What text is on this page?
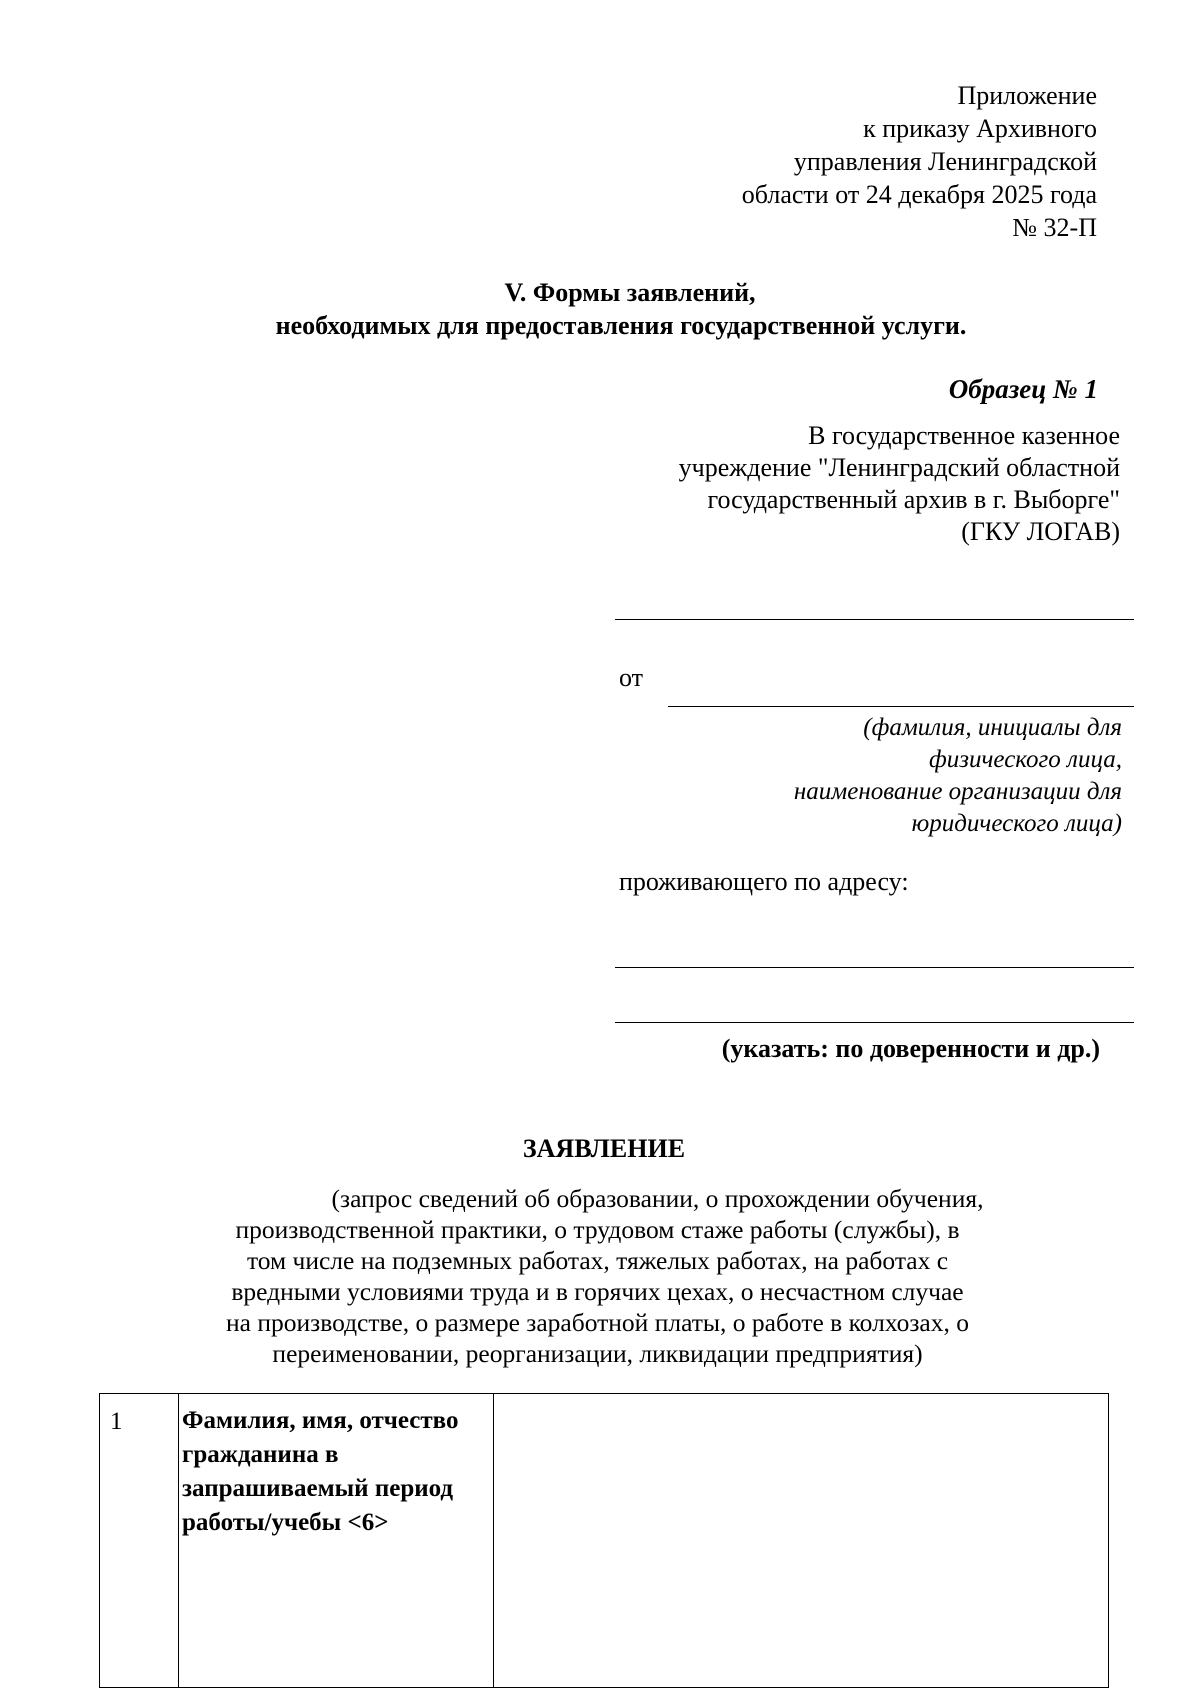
Приложение
к приказу Архивного
управления Ленинградской
области от 24 декабря 2025 года
№ 32-П
V. Формы заявлений,
необходимых для предоставления государственной услуги.
Образец № 1
В государственное казенное
учреждение "Ленинградский областной
государственный архив в г. Выборге"
(ГКУ ЛОГАВ)
от
(фамилия, инициалы для
физического лица,
наименование организации для
юридического лица)
проживающего по адресу:
(указать: по доверенности и др.)
ЗАЯВЛЕНИЕ
(запрос сведений об образовании, о прохождении обучения,
производственной практики, о трудовом стаже работы (службы), в
том числе на подземных работах, тяжелых работах, на работах с
вредными условиями труда и в горячих цехах, о несчастном случае
на производстве, о размере заработной платы, о работе в колхозах, о
переименовании, реорганизации, ликвидации предприятия)
1 Фамилия, имя, отчество гражданина в запрашиваемый период работы/учебы <6>
